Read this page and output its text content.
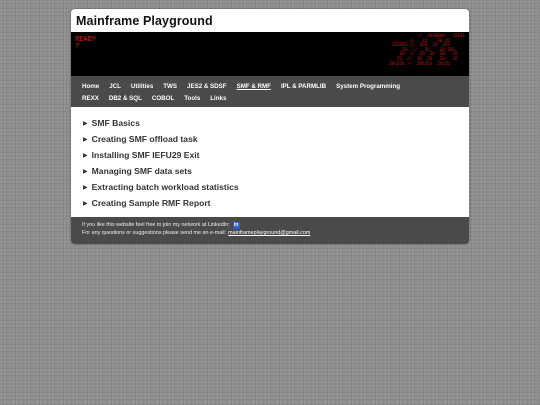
Mainframe Playground
READY
?
//  ZOS0000   ZOS01
//   ZO    ZO ZO
ZOSZOS //  ZOS  ZO  ZOS
ZO  //   ZO    ZO ZOS
ZO  //  ZO  ZO  ZO   ZO
ZO  //  ZO  ZO   ZO   ZO
ZOSZOS //  ZOSZOS  ZOSZO
Home JCL Utilities TWS JES2 & SDSF SMF & RMF IPL & PARMLIB System Programming
REXX DB2 & SQL COBOL Tools Links
▶ SMF Basics
▶ Creating SMF offload task
▶ Installing SMF IEFU29 Exit
▶ Managing SMF data sets
▶ Extracting batch workload statistics
▶ Creating Sample RMF Report
If you like this website feel free to join my network at LinkedIn: in
For any questions or suggestions please send me an e-mail: mainframeplayground@gmail.com
